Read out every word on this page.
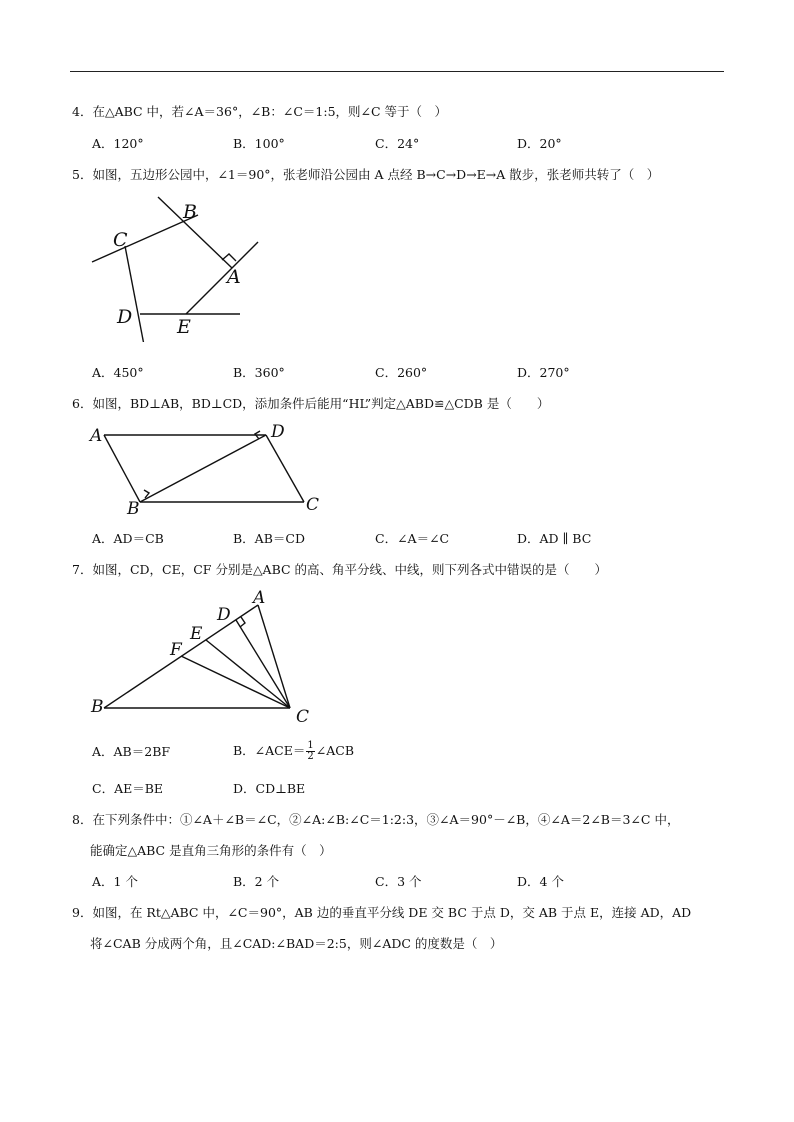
4．在△ABC 中，若∠A＝36°，∠B：∠C＝1:5，则∠C 等于（　）
A．120°	B．100°	C．24°	D．20°
5．如图，五边形公园中，∠1＝90°，张老师沿公园由 A 点经 B→C→D→E→A 散步，张老师共转了（　）
B
C
A
D E
A．450°	B．360°	C．260°	D．270°
6．如图，BD⊥AB，BD⊥CD，添加条件后能用“HL”判定△ABD≌△CDB 是（　　）
A	D
B	C
A．AD＝CB	B．AB＝CD	C．∠A＝∠C	D．AD ∥ BC
7．如图，CD，CE，CF 分别是△ABC 的高、角平分线、中线，则下列各式中错误的是（　　）
A
D
E
F
B	C
A．AB＝2BF	B．∠ACE＝ $\frac{1}{2}$ ∠ACB
C．AE＝BE	D．CD⊥BE
8．在下列条件中：①∠A＋∠B＝∠C，②∠A:∠B:∠C＝1:2:3，③∠A＝90°－∠B，④∠A＝2∠B＝3∠C 中，
能确定△ABC 是直角三角形的条件有（　）
A．1 个	B．2 个	C．3 个	D．4 个
9．如图，在 Rt△ABC 中，∠C＝90°，AB 边的垂直平分线 DE 交 BC 于点 D，交 AB 于点 E，连接 AD，AD
将∠CAB 分成两个角，且∠CAD:∠BAD＝2:5，则∠ADC 的度数是（　）
